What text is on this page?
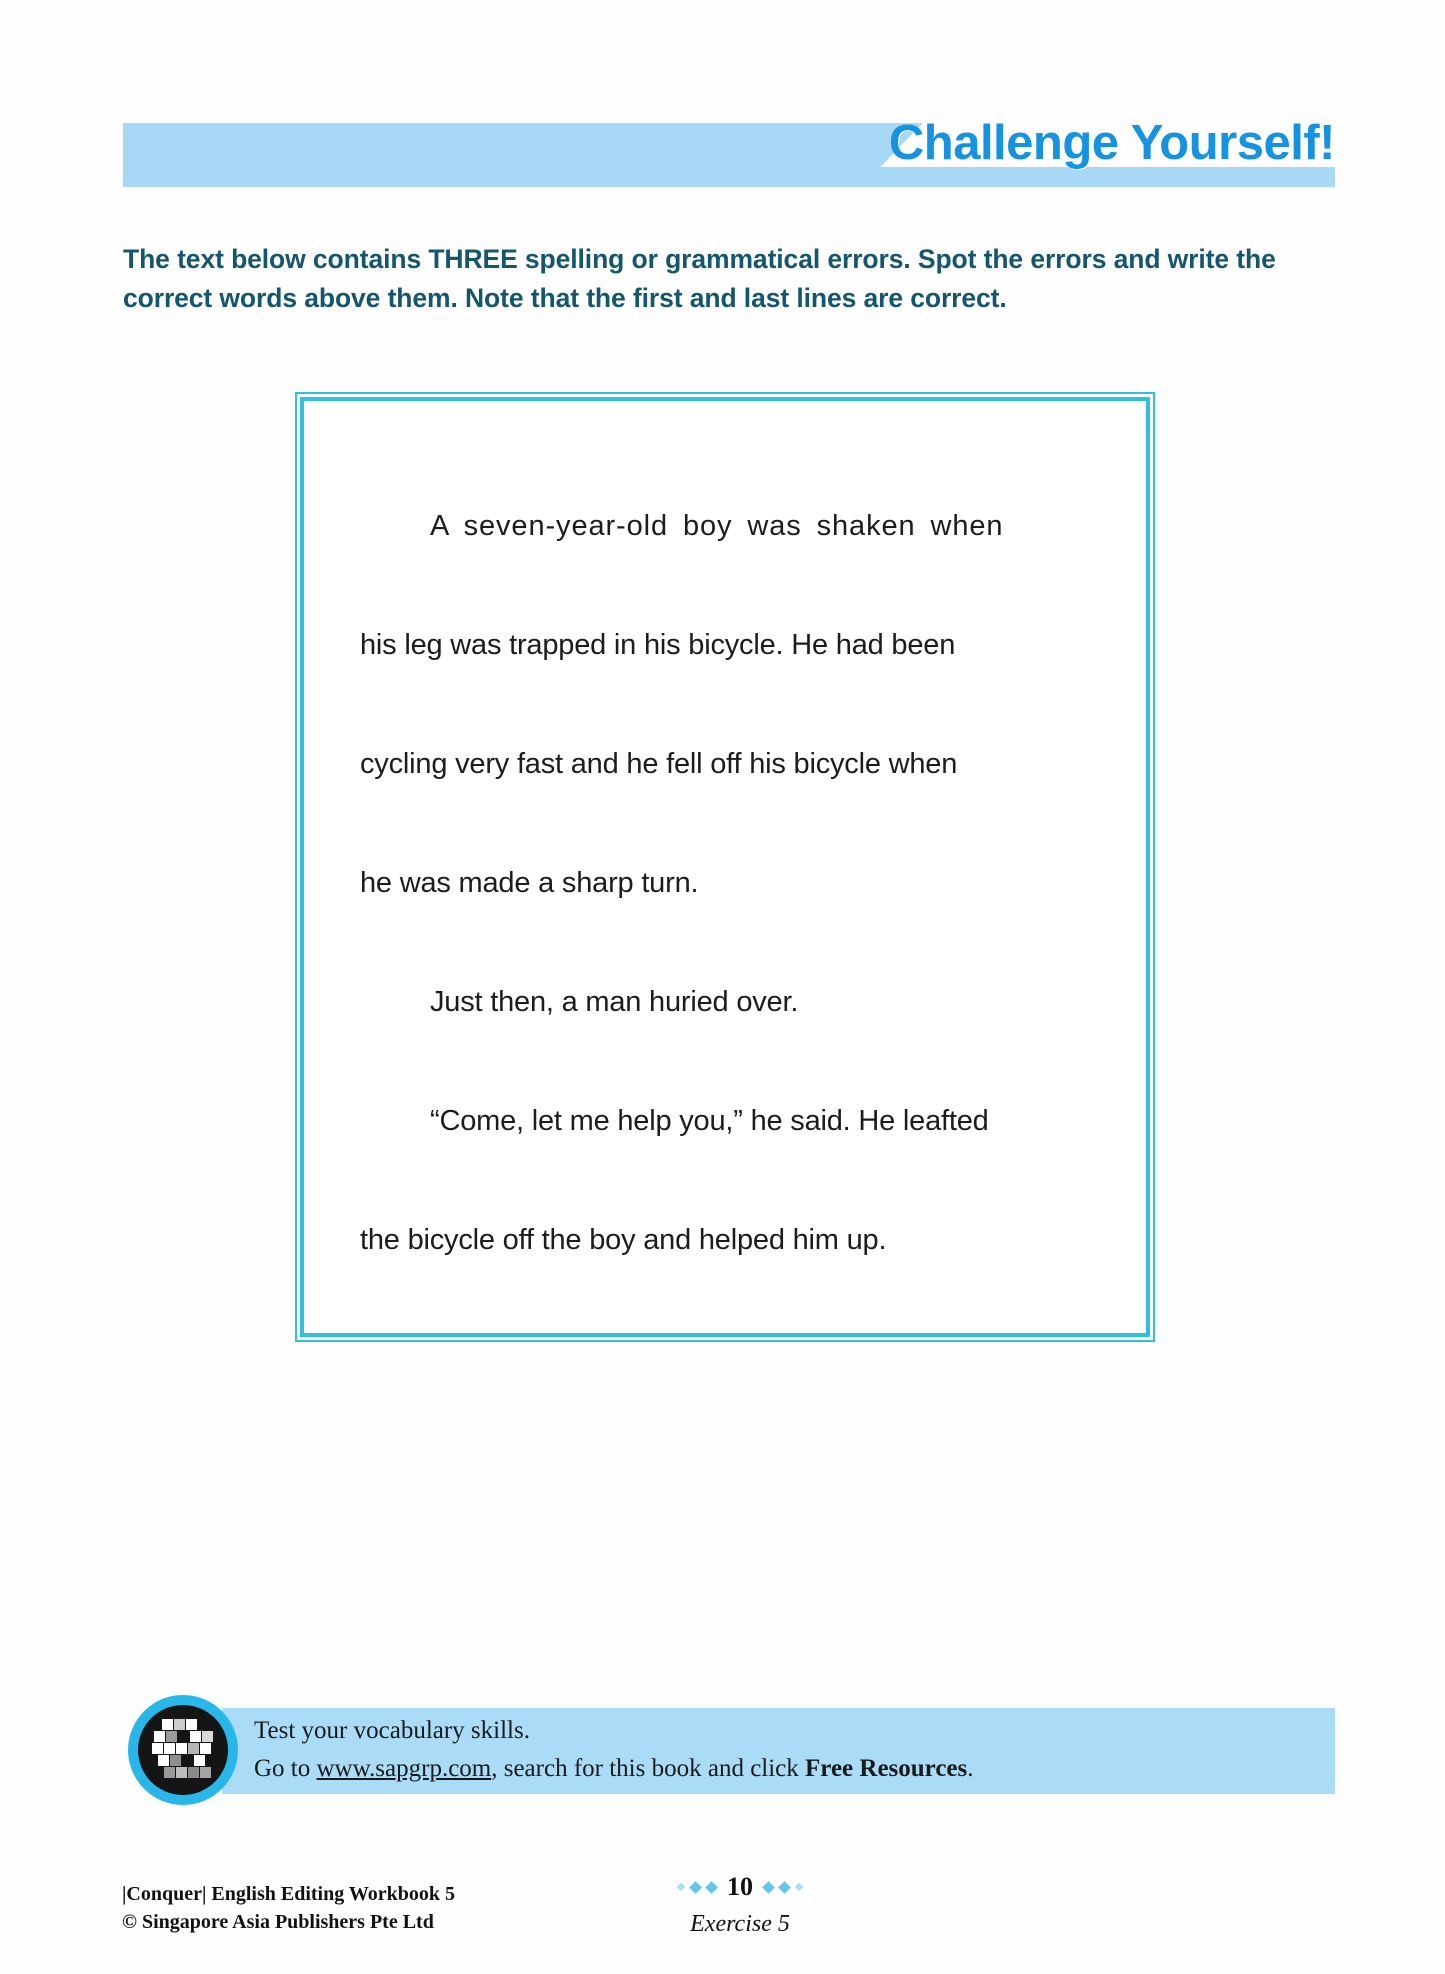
Challenge Yourself!
The text below contains THREE spelling or grammatical errors. Spot the errors and write the correct words above them. Note that the first and last lines are correct.
A seven-year-old boy was shaken when
his leg was trapped in his bicycle. He had been
cycling very fast and he fell off his bicycle when
he was made a sharp turn.
Just then, a man huried over.
“Come, let me help you,” he said. He leafted
the bicycle off the boy and helped him up.
Test your vocabulary skills.
Go to www.sapgrp.com, search for this book and click Free Resources.
|Conquer| English Editing Workbook 5
© Singapore Asia Publishers Pte Ltd
10
Exercise 5
